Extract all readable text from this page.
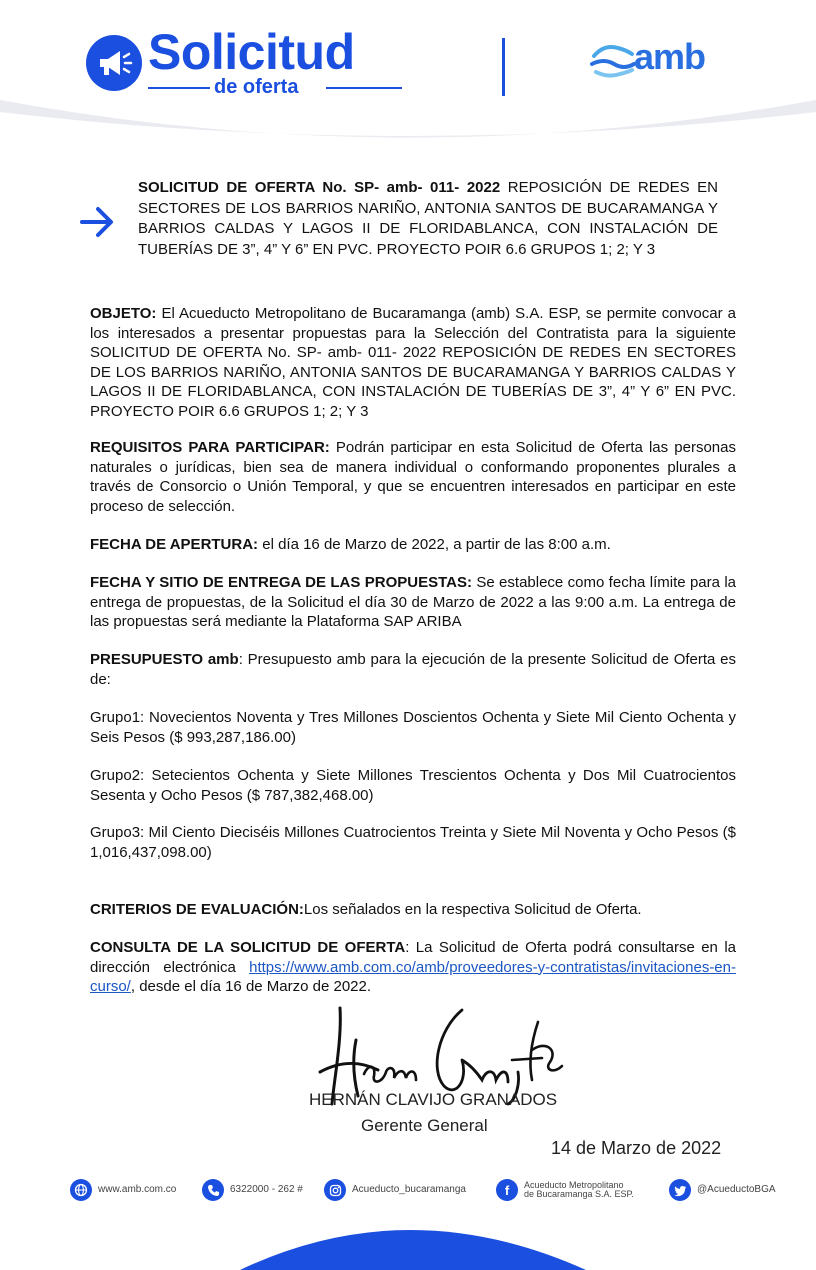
Solicitud
de oferta
amb
SOLICITUD DE OFERTA No. SP- amb- 011- 2022 REPOSICIÓN DE REDES EN SECTORES DE LOS BARRIOS NARIÑO, ANTONIA SANTOS DE BUCARAMANGA Y BARRIOS CALDAS Y LAGOS II DE FLORIDABLANCA, CON INSTALACIÓN DE TUBERÍAS DE 3”, 4” Y 6” EN PVC. PROYECTO POIR 6.6 GRUPOS 1; 2; Y 3
OBJETO: El Acueducto Metropolitano de Bucaramanga (amb) S.A. ESP, se permite convocar a los interesados a presentar propuestas para la Selección del Contratista para la siguiente SOLICITUD DE OFERTA No. SP- amb- 011- 2022 REPOSICIÓN DE REDES EN SECTORES DE LOS BARRIOS NARIÑO, ANTONIA SANTOS DE BUCARAMANGA Y BARRIOS CALDAS Y LAGOS II DE FLORIDABLANCA, CON INSTALACIÓN DE TUBERÍAS DE 3”, 4” Y 6” EN PVC. PROYECTO POIR 6.6 GRUPOS 1; 2; Y 3
REQUISITOS PARA PARTICIPAR: Podrán participar en esta Solicitud de Oferta las personas naturales o jurídicas, bien sea de manera individual o conformando proponentes plurales a través de Consorcio o Unión Temporal, y que se encuentren interesados en participar en este proceso de selección.
FECHA DE APERTURA: el día 16 de Marzo de 2022, a partir de las 8:00 a.m.
FECHA Y SITIO DE ENTREGA DE LAS PROPUESTAS: Se establece como fecha límite para la entrega de propuestas, de la Solicitud el día 30 de Marzo de 2022 a las 9:00 a.m. La entrega de las propuestas será mediante la Plataforma SAP ARIBA
PRESUPUESTO amb: Presupuesto amb para la ejecución de la presente Solicitud de Oferta es de:
Grupo1: Novecientos Noventa y Tres Millones Doscientos Ochenta y Siete Mil Ciento Ochenta y Seis Pesos ($ 993,287,186.00)
Grupo2: Setecientos Ochenta y Siete Millones Trescientos Ochenta y Dos Mil Cuatrocientos Sesenta y Ocho Pesos ($ 787,382,468.00)
Grupo3: Mil Ciento Dieciséis Millones Cuatrocientos Treinta y Siete Mil Noventa y Ocho Pesos ($ 1,016,437,098.00)
CRITERIOS DE EVALUACIÓN:Los señalados en la respectiva Solicitud de Oferta.
CONSULTA DE LA SOLICITUD DE OFERTA: La Solicitud de Oferta podrá consultarse en la dirección electrónica https://www.amb.com.co/amb/proveedores-y-contratistas/invitaciones-en-curso/, desde el día 16 de Marzo de 2022.
HERNÁN CLAVIJO GRANADOS
Gerente General
14 de Marzo de 2022
www.amb.com.co	6322000 - 262 #	Acueducto_bucaramanga	f	Acueducto Metropolitano
de Bucaramanga S.A. ESP.	@AcueductoBGA
